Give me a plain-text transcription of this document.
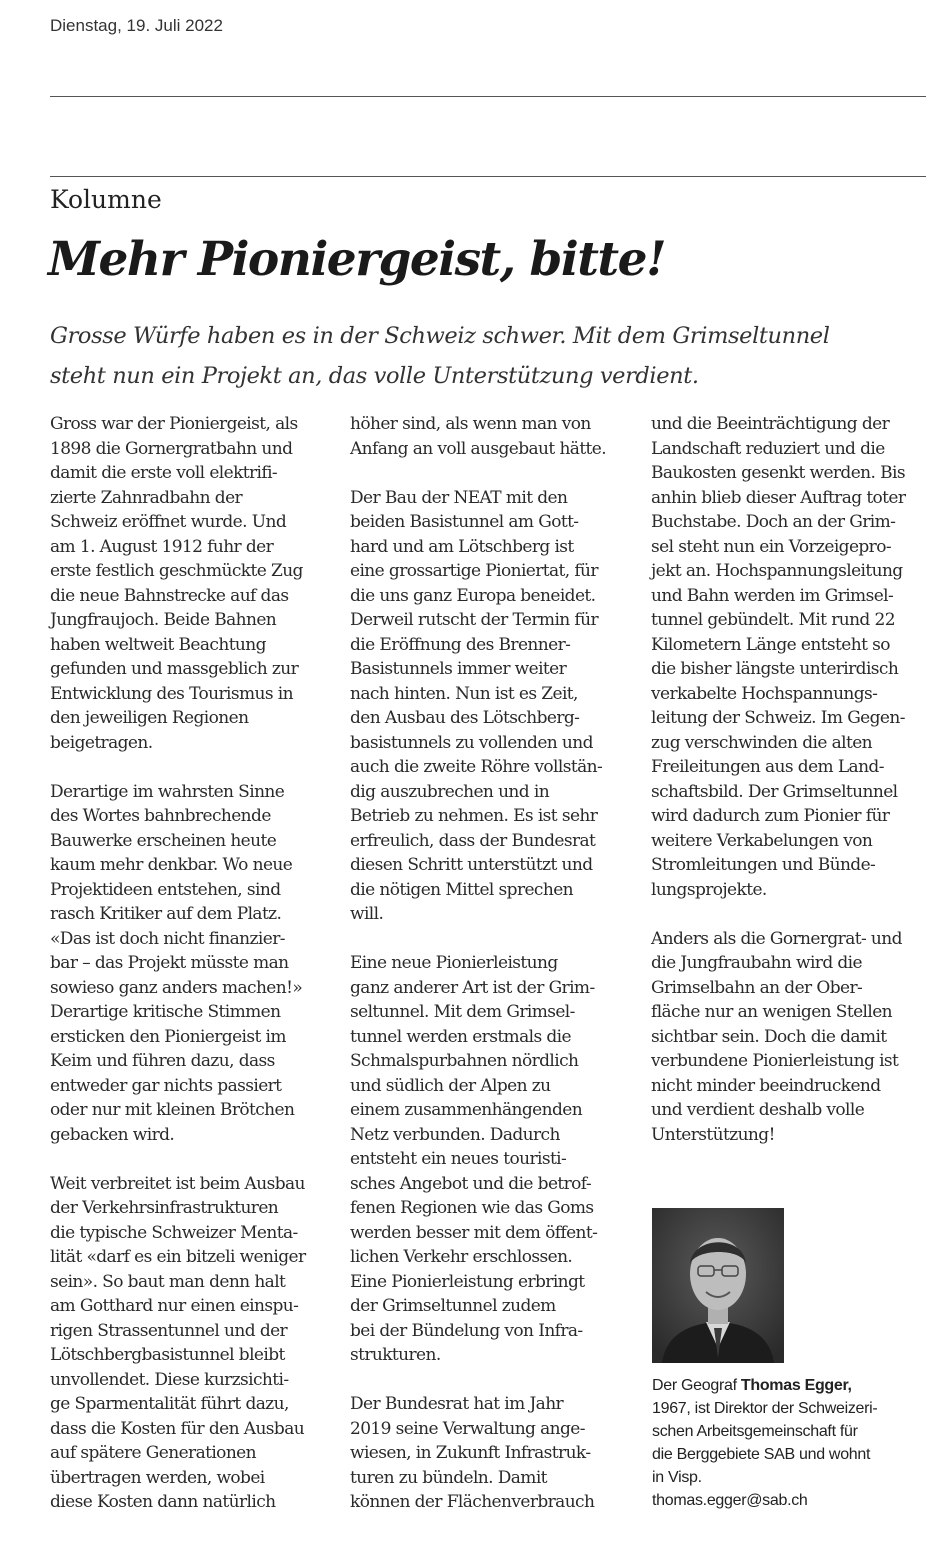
Dienstag, 19. Juli 2022
Kolumne
Mehr Pioniergeist, bitte!

Grosse Würfe haben es in der Schweiz schwer. Mit dem Grimseltunnel
steht nun ein Projekt an, das volle Unterstützung verdient.

Gross war der Pioniergeist, als
1898 die Gornergratbahn und
damit die erste voll elektrifi-
zierte Zahnradbahn der
Schweiz eröffnet wurde. Und
am 1. August 1912 fuhr der
erste festlich geschmückte Zug
die neue Bahnstrecke auf das
Jungfraujoch. Beide Bahnen
haben weltweit Beachtung
gefunden und massgeblich zur
Entwicklung des Tourismus in
den jeweiligen Regionen
beigetragen.

Derartige im wahrsten Sinne
des Wortes bahnbrechende
Bauwerke erscheinen heute
kaum mehr denkbar. Wo neue
Projektideen entstehen, sind
rasch Kritiker auf dem Platz.
«Das ist doch nicht finanzier-
bar – das Projekt müsste man
sowieso ganz anders machen!»
Derartige kritische Stimmen
ersticken den Pioniergeist im
Keim und führen dazu, dass
entweder gar nichts passiert
oder nur mit kleinen Brötchen
gebacken wird.

Weit verbreitet ist beim Ausbau
der Verkehrsinfrastrukturen
die typische Schweizer Menta-
lität «darf es ein bitzeli weniger
sein». So baut man denn halt
am Gotthard nur einen einspu-
rigen Strassentunnel und der
Lötschbergbasistunnel bleibt
unvollendet. Diese kurzsichti-
ge Sparmentalität führt dazu,
dass die Kosten für den Ausbau
auf spätere Generationen
übertragen werden, wobei
diese Kosten dann natürlich

höher sind, als wenn man von
Anfang an voll ausgebaut hätte.

Der Bau der NEAT mit den
beiden Basistunnel am Gott-
hard und am Lötschberg ist
eine grossartige Pioniertat, für
die uns ganz Europa beneidet.
Derweil rutscht der Termin für
die Eröffnung des Brenner-
Basistunnels immer weiter
nach hinten. Nun ist es Zeit,
den Ausbau des Lötschberg-
basistunnels zu vollenden und
auch die zweite Röhre vollstän-
dig auszubrechen und in
Betrieb zu nehmen. Es ist sehr
erfreulich, dass der Bundesrat
diesen Schritt unterstützt und
die nötigen Mittel sprechen
will.

Eine neue Pionierleistung
ganz anderer Art ist der Grim-
seltunnel. Mit dem Grimsel-
tunnel werden erstmals die
Schmalspurbahnen nördlich
und südlich der Alpen zu
einem zusammenhängenden
Netz verbunden. Dadurch
entsteht ein neues touristi-
sches Angebot und die betrof-
fenen Regionen wie das Goms
werden besser mit dem öffent-
lichen Verkehr erschlossen.
Eine Pionierleistung erbringt
der Grimseltunnel zudem
bei der Bündelung von Infra-
strukturen.

Der Bundesrat hat im Jahr
2019 seine Verwaltung ange-
wiesen, in Zukunft Infrastruk-
turen zu bündeln. Damit
können der Flächenverbrauch

und die Beeinträchtigung der
Landschaft reduziert und die
Baukosten gesenkt werden. Bis
anhin blieb dieser Auftrag toter
Buchstabe. Doch an der Grim-
sel steht nun ein Vorzeigepro-
jekt an. Hochspannungsleitung
und Bahn werden im Grimsel-
tunnel gebündelt. Mit rund 22
Kilometern Länge entsteht so
die bisher längste unterirdisch
verkabelte Hochspannungs-
leitung der Schweiz. Im Gegen-
zug verschwinden die alten
Freileitungen aus dem Land-
schaftsbild. Der Grimseltunnel
wird dadurch zum Pionier für
weitere Verkabelungen von
Stromleitungen und Bünde-
lungsprojekte.

Anders als die Gornergrat- und
die Jungfraubahn wird die
Grimselbahn an der Ober-
fläche nur an wenigen Stellen
sichtbar sein. Doch die damit
verbundene Pionierleistung ist
nicht minder beeindruckend
und verdient deshalb volle
Unterstützung!

Der Geograf Thomas Egger,
1967, ist Direktor der Schweizeri-
schen Arbeitsgemeinschaft für
die Berggebiete SAB und wohnt
in Visp.
thomas.egger@sab.ch
